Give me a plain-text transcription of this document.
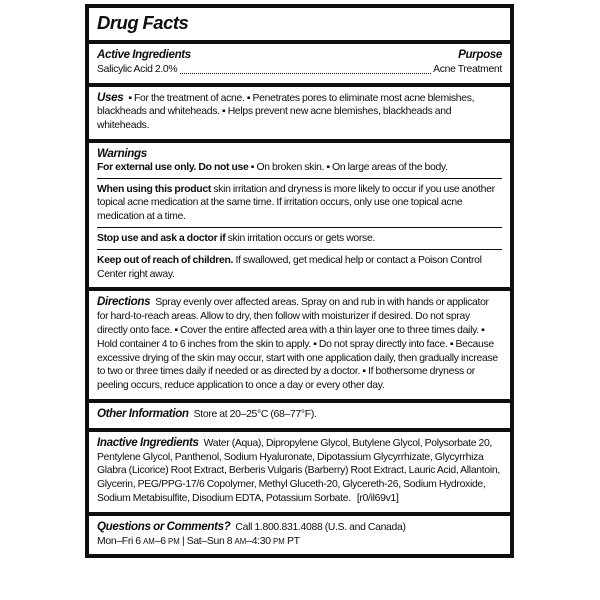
Drug Facts
Active Ingredients	Purpose
Salicylic Acid 2.0%	Acne Treatment

Uses ▪ For the treatment of acne. ▪ Penetrates pores to eliminate most acne blemishes, blackheads and whiteheads. ▪ Helps prevent new acne blemishes, blackheads and whiteheads.

Warnings

For external use only. Do not use ▪ On broken skin. ▪ On large areas of the body.

When using this product skin irritation and dryness is more likely to occur if you use another topical acne medication at the same time. If irritation occurs, only use one topical acne medication at a time.

Stop use and ask a doctor if skin irritation occurs or gets worse.

Keep out of reach of children. If swallowed, get medical help or contact a Poison Control Center right away.

Directions Spray evenly over affected areas. Spray on and rub in with hands or applicator for hard-to-reach areas. Allow to dry, then follow with moisturizer if desired. Do not spray directly onto face. ▪ Cover the entire affected area with a thin layer one to three times daily. ▪ Hold container 4 to 6 inches from the skin to apply. ▪ Do not spray directly into face. ▪ Because excessive drying of the skin may occur, start with one application daily, then gradually increase to two or three times daily if needed or as directed by a doctor. ▪ If bothersome dryness or peeling occurs, reduce application to once a day or every other day.

Other Information Store at 20–25°C (68–77°F).

Inactive Ingredients Water (Aqua), Dipropylene Glycol, Butylene Glycol, Polysorbate 20, Pentylene Glycol, Panthenol, Sodium Hyaluronate, Dipotassium Glycyrrhizate, Glycyrrhiza Glabra (Licorice) Root Extract, Berberis Vulgaris (Barberry) Root Extract, Lauric Acid, Allantoin, Glycerin, PEG/PPG-17/6 Copolymer, Methyl Gluceth-20, Glycereth-26, Sodium Hydroxide, Sodium Metabisulfite, Disodium EDTA, Potassium Sorbate. [r0/il69v1]

Questions or Comments? Call 1.800.831.4088 (U.S. and Canada)

Mon–Fri 6 AM–6 PM | Sat–Sun 8 AM–4:30 PM PT
